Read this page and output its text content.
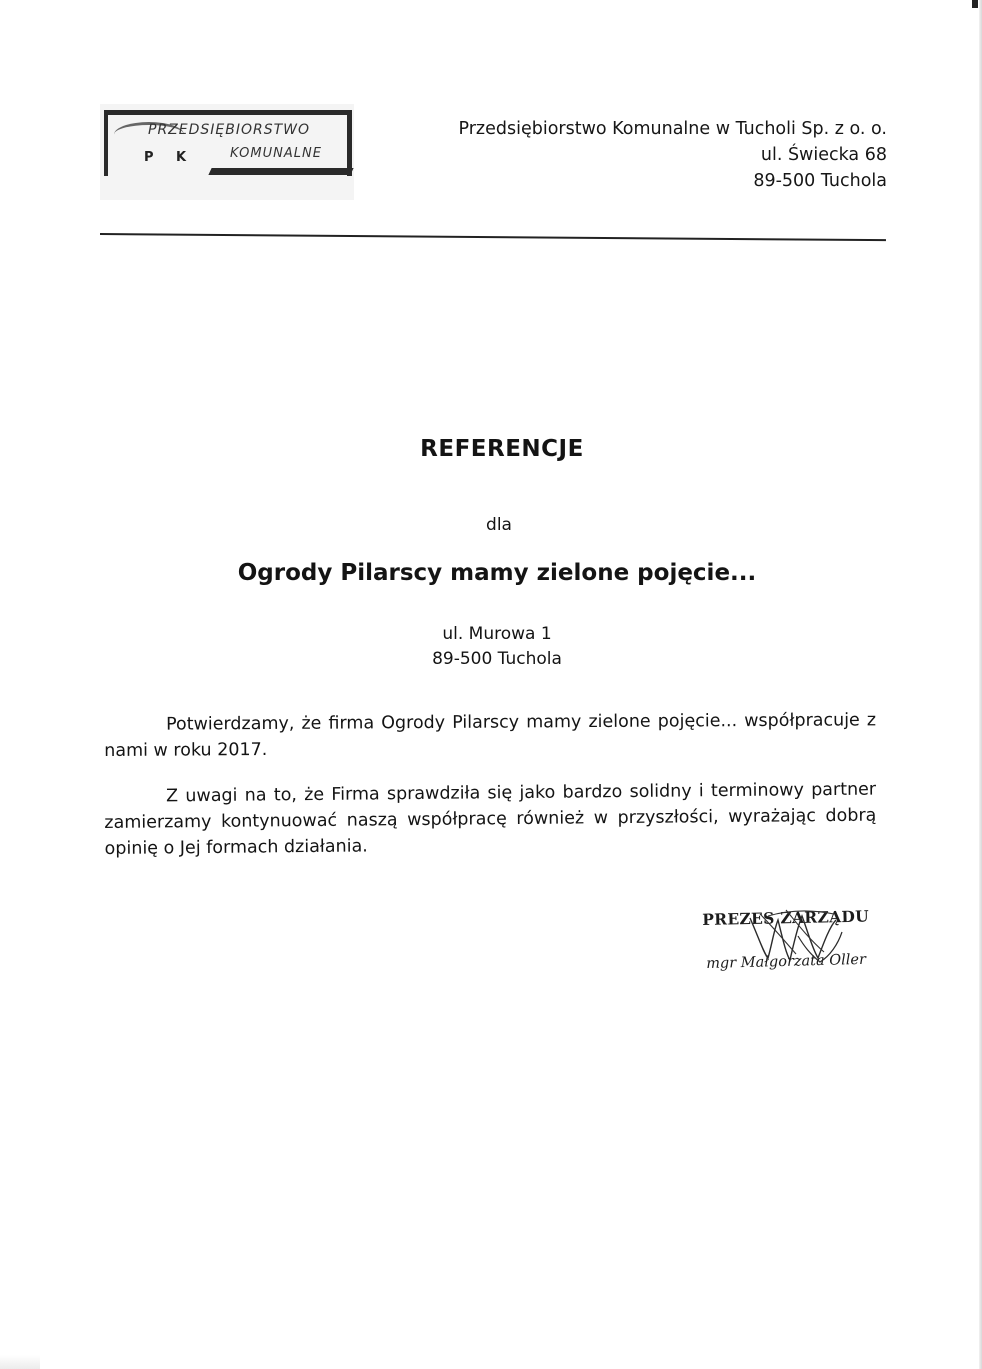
PRZEDSIĘBIORSTWO
P K	KOMUNALNE
Przedsiębiorstwo Komunalne w Tucholi Sp. z o. o.
ul. Świecka 68
89-500 Tuchola
REFERENCJE
dla
Ogrody Pilarscy mamy zielone pojęcie...
ul. Murowa 1
89-500 Tuchola
Potwierdzamy, że firma Ogrody Pilarscy mamy zielone pojęcie... współpracuje z nami w roku 2017.
Z uwagi na to, że Firma sprawdziła się jako bardzo solidny i terminowy partner zamierzamy kontynuować naszą współpracę również w przyszłości, wyrażając dobrą opinię o Jej formach działania.
PREZES ZARZĄDU
mgr Małgorzata Oller
